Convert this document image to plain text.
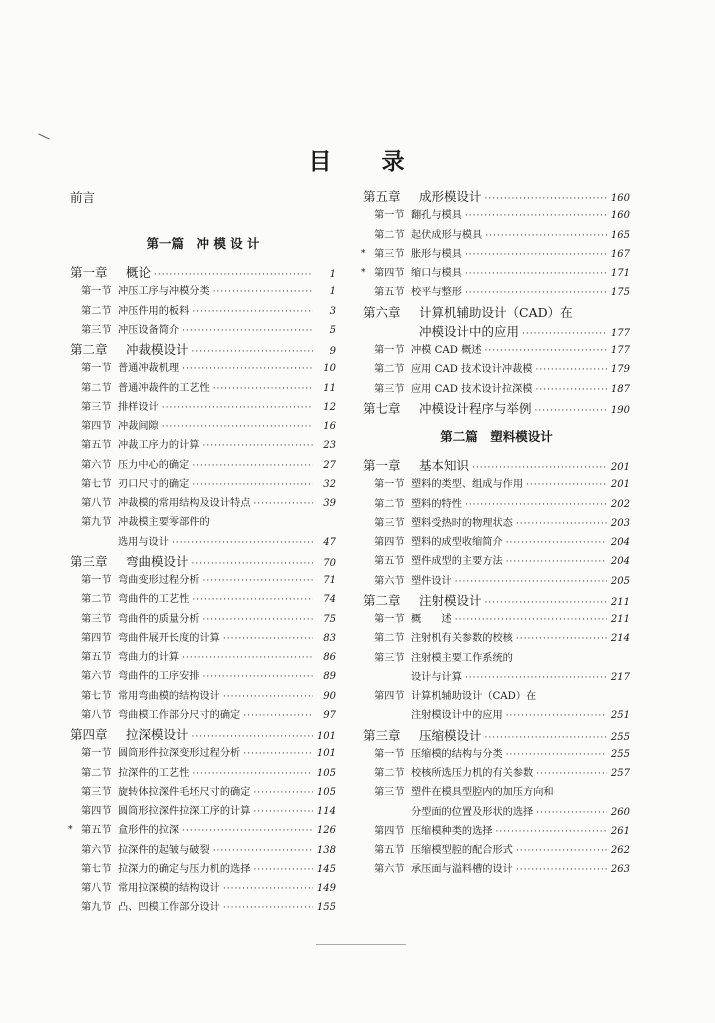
目 录
前言
第一篇　冲 模 设 计
第一章	概论 ·····	1
第一节 冲压工序与冲模分类 ·····	1
第二节 冲压件用的板料 ·····	3
第三节 冲压设备简介 ·····	5
第二章	冲裁模设计 ·····	9
第一节 普通冲裁机理 ·····	10
第二节 普通冲裁件的工艺性 ·····	11
第三节 排样设计 ·····	12
第四节 冲裁间隙 ·····	16
第五节 冲裁工序力的计算 ·····	23
第六节 压力中心的确定 ·····	27
第七节 刃口尺寸的确定 ·····	32
第八节 冲裁模的常用结构及设计特点 ·····	39
第九节 冲裁模主要零部件的
选用与设计 ·····	47
第三章	弯曲模设计 ·····	70
第一节 弯曲变形过程分析 ·····	71
第二节 弯曲件的工艺性 ·····	74
第三节 弯曲件的质量分析 ·····	75
第四节 弯曲件展开长度的计算 ·····	83
第五节 弯曲力的计算 ·····	86
第六节 弯曲件的工序安排 ·····	89
第七节 常用弯曲模的结构设计 ·····	90
第八节 弯曲模工作部分尺寸的确定 ·····	97
第四章	拉深模设计 ·····	101
第一节 圆筒形件拉深变形过程分析 ·····	101
第二节 拉深件的工艺性 ·····	105
第三节 旋转体拉深件毛坯尺寸的确定 ·····	105
第四节 圆筒形拉深件拉深工序的计算 ·····	114
* 第五节 盒形件的拉深 ·····	126
第六节 拉深件的起皱与破裂 ·····	138
第七节 拉深力的确定与压力机的选择 ·····	145
第八节 常用拉深模的结构设计 ·····	149
第九节 凸、凹模工作部分设计 ·····	155
第五章	成形模设计 ·····	160
第一节 翻孔与模具 ·····	160
第二节 起伏成形与模具 ·····	165
* 第三节 胀形与模具 ·····	167
* 第四节 缩口与模具 ·····	171
第五节 校平与整形 ·····	175
第六章	计算机辅助设计（CAD）在
冲模设计中的应用 ·····	177
第一节 冲模 CAD 概述 ·····	177
第二节 应用 CAD 技术设计冲裁模 ·····	179
第三节 应用 CAD 技术设计拉深模 ·····	187
第七章	冲模设计程序与举例 ·····	190
第二篇　塑料模设计
第一章	基本知识 ·····	201
第一节 塑料的类型、组成与作用 ·····	201
第二节 塑料的特性 ·····	202
第三节 塑料受热时的物理状态 ·····	203
第四节 塑料的成型收缩简介 ·····	204
第五节 塑件成型的主要方法 ·····	204
第六节 塑件设计 ·····	205
第二章	注射模设计 ·····	211
第一节 概　　述 ·····	211
第二节 注射机有关参数的校核 ·····	214
第三节 注射模主要工作系统的
设计与计算 ·····	217
第四节 计算机辅助设计（CAD）在
注射模设计中的应用 ·····	251
第三章	压缩模设计 ·····	255
第一节 压缩模的结构与分类 ·····	255
第二节 校核所选压力机的有关参数 ·····	257
第三节 塑件在模具型腔内的加压方向和
分型面的位置及形状的选择 ·····	260
第四节 压缩模种类的选择 ·····	261
第五节 压缩模型腔的配合形式 ·····	262
第六节 承压面与溢料槽的设计 ·····	263
